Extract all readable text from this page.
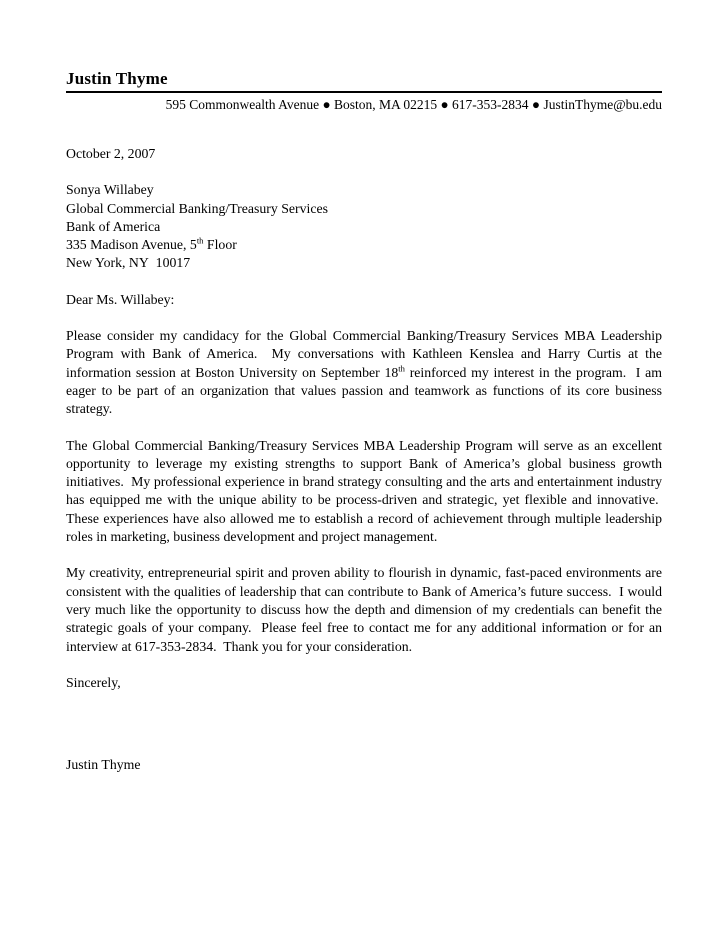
Justin Thyme
595 Commonwealth Avenue ● Boston, MA 02215 ● 617-353-2834 ● JustinThyme@bu.edu

October 2, 2007

Sonya Willabey
Global Commercial Banking/Treasury Services
Bank of America
335 Madison Avenue, 5th Floor
New York, NY  10017

Dear Ms. Willabey:

Please consider my candidacy for the Global Commercial Banking/Treasury Services MBA Leadership Program with Bank of America.  My conversations with Kathleen Kenslea and Harry Curtis at the information session at Boston University on September 18th reinforced my interest in the program.  I am eager to be part of an organization that values passion and teamwork as functions of its core business strategy.

The Global Commercial Banking/Treasury Services MBA Leadership Program will serve as an excellent opportunity to leverage my existing strengths to support Bank of America’s global business growth initiatives.  My professional experience in brand strategy consulting and the arts and entertainment industry has equipped me with the unique ability to be process-driven and strategic, yet flexible and innovative.  These experiences have also allowed me to establish a record of achievement through multiple leadership roles in marketing, business development and project management.

My creativity, entrepreneurial spirit and proven ability to flourish in dynamic, fast-paced environments are consistent with the qualities of leadership that can contribute to Bank of America’s future success.  I would very much like the opportunity to discuss how the depth and dimension of my credentials can benefit the strategic goals of your company.  Please feel free to contact me for any additional information or for an interview at 617-353-2834.  Thank you for your consideration.

Sincerely,

Justin Thyme
